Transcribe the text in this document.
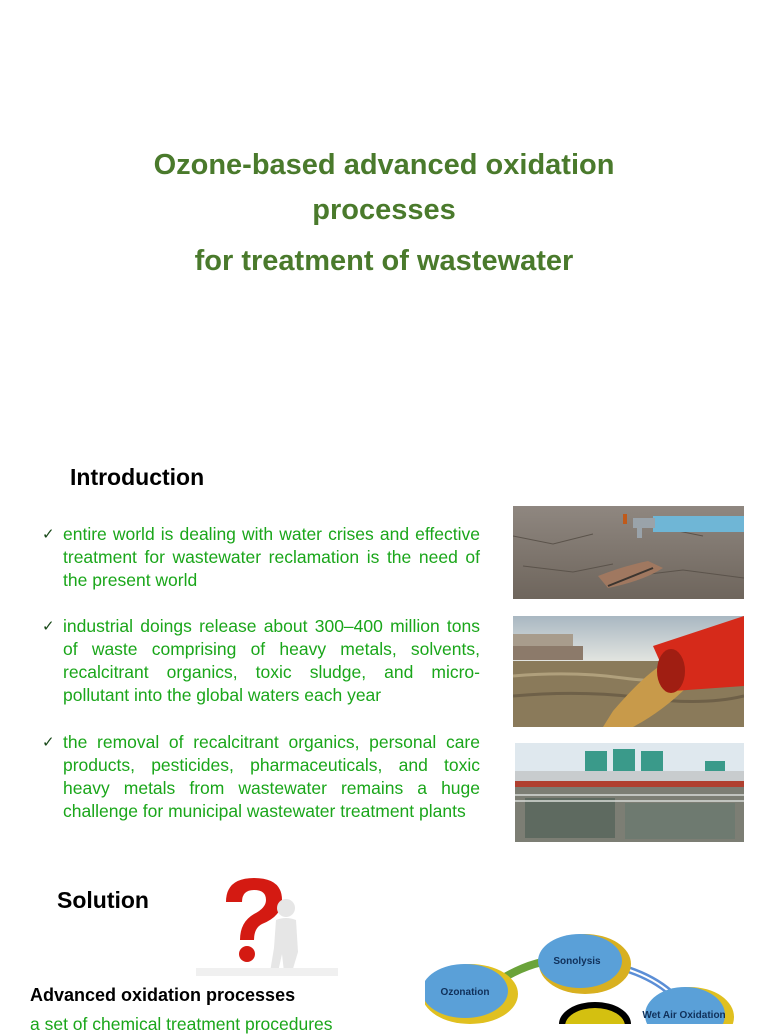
Ozone-based advanced oxidation
processes
for treatment of wastewater
Introduction
✓ entire world is dealing with water crises and effective treatment for wastewater reclamation is the need of the present world
✓ industrial doings release about 300–400 million tons of waste comprising of heavy metals, solvents, recalcitrant organics, toxic sludge, and micro-pollutant into the global waters each year
✓ the removal of recalcitrant organics, personal care products, pesticides, pharmaceuticals, and toxic heavy metals from wastewater remains a huge challenge for municipal wastewater treatment plants
Solution
Ozonation
Sonolysis
Wet Air Oxidation
Advanced oxidation processes
a set of chemical treatment procedures
